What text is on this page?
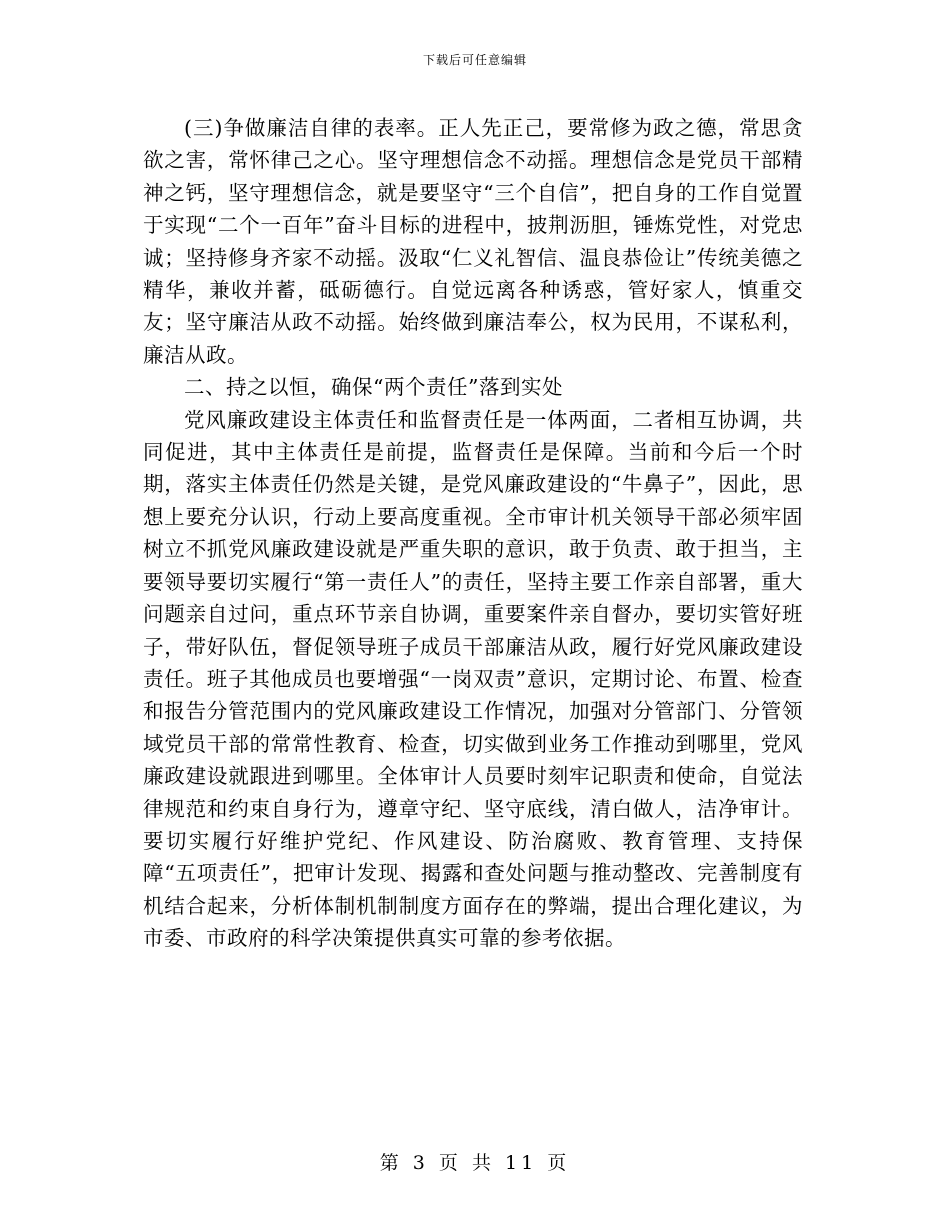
下载后可任意编辑

(三)争做廉洁自律的表率。正人先正己，要常修为政之德，常思贪欲之害，常怀律己之心。坚守理想信念不动摇。理想信念是党员干部精神之钙，坚守理想信念，就是要坚守“三个自信”，把自身的工作自觉置于实现“二个一百年”奋斗目标的进程中，披荆沥胆，锤炼党性，对党忠诚；坚持修身齐家不动摇。汲取“仁义礼智信、温良恭俭让”传统美德之精华，兼收并蓄，砥砺德行。自觉远离各种诱惑，管好家人，慎重交友；坚守廉洁从政不动摇。始终做到廉洁奉公，权为民用，不谋私利，廉洁从政。

二、持之以恒，确保“两个责任”落到实处

党风廉政建设主体责任和监督责任是一体两面，二者相互协调，共同促进，其中主体责任是前提，监督责任是保障。当前和今后一个时期，落实主体责任仍然是关键，是党风廉政建设的“牛鼻子”，因此，思想上要充分认识，行动上要高度重视。全市审计机关领导干部必须牢固树立不抓党风廉政建设就是严重失职的意识，敢于负责、敢于担当，主要领导要切实履行“第一责任人”的责任，坚持主要工作亲自部署，重大问题亲自过问，重点环节亲自协调，重要案件亲自督办，要切实管好班子，带好队伍，督促领导班子成员干部廉洁从政，履行好党风廉政建设责任。班子其他成员也要增强“一岗双责”意识，定期讨论、布置、检查和报告分管范围内的党风廉政建设工作情况，加强对分管部门、分管领域党员干部的常常性教育、检查，切实做到业务工作推动到哪里，党风廉政建设就跟进到哪里。全体审计人员要时刻牢记职责和使命，自觉法律规范和约束自身行为，遵章守纪、坚守底线，清白做人，洁净审计。要切实履行好维护党纪、作风建设、防治腐败、教育管理、支持保障“五项责任”，把审计发现、揭露和查处问题与推动整改、完善制度有机结合起来，分析体制机制制度方面存在的弊端，提出合理化建议，为市委、市政府的科学决策提供真实可靠的参考依据。

第 3 页 共 11 页
